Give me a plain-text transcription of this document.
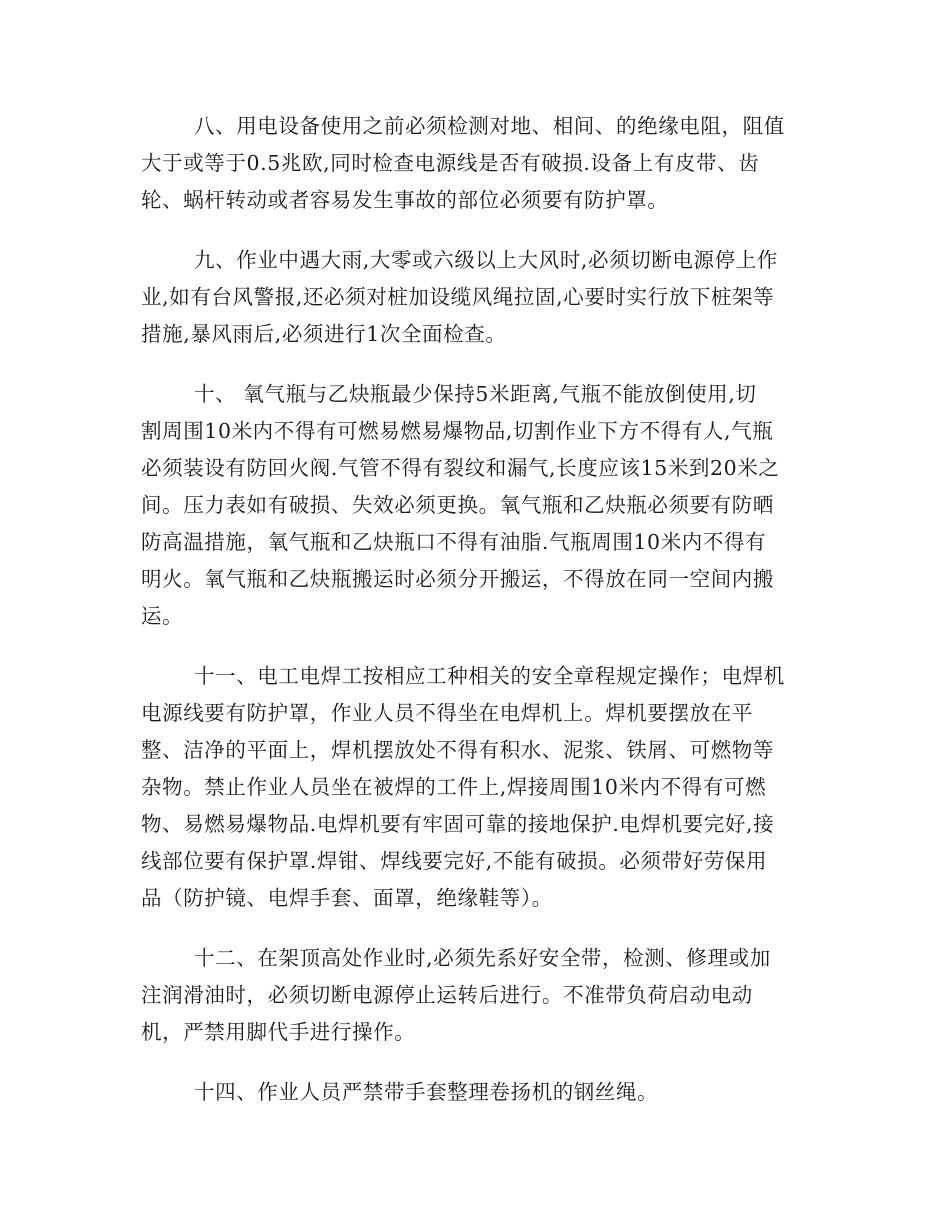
八、用电设备使用之前必须检测对地、相间、的绝缘电阻，阻值
大于或等于0.5兆欧,同时检查电源线是否有破损.设备上有皮带、齿
轮、蜗杆转动或者容易发生事故的部位必须要有防护罩。

九、作业中遇大雨,大零或六级以上大风时,必须切断电源停上作
业,如有台风警报,还必须对桩加设缆风绳拉固,心要时实行放下桩架等
措施,暴风雨后,必须进行1次全面检查。

十、 氧气瓶与乙炔瓶最少保持5米距离,气瓶不能放倒使用,切
割周围10米内不得有可燃易燃易爆物品,切割作业下方不得有人,气瓶
必须装设有防回火阀.气管不得有裂纹和漏气,长度应该15米到20米之
间。压力表如有破损、失效必须更换。氧气瓶和乙炔瓶必须要有防晒
防高温措施，氧气瓶和乙炔瓶口不得有油脂.气瓶周围10米内不得有
明火。氧气瓶和乙炔瓶搬运时必须分开搬运，不得放在同一空间内搬
运。

十一、电工电焊工按相应工种相关的安全章程规定操作；电焊机
电源线要有防护罩，作业人员不得坐在电焊机上。焊机要摆放在平
整、洁净的平面上，焊机摆放处不得有积水、泥浆、铁屑、可燃物等
杂物。禁止作业人员坐在被焊的工件上,焊接周围10米内不得有可燃
物、易燃易爆物品.电焊机要有牢固可靠的接地保护.电焊机要完好,接
线部位要有保护罩.焊钳、焊线要完好,不能有破损。必须带好劳保用
品（防护镜、电焊手套、面罩，绝缘鞋等）。

十二、在架顶高处作业时,必须先系好安全带，检测、修理或加
注润滑油时，必须切断电源停止运转后进行。不准带负荷启动电动
机，严禁用脚代手进行操作。

十四、作业人员严禁带手套整理卷扬机的钢丝绳。
